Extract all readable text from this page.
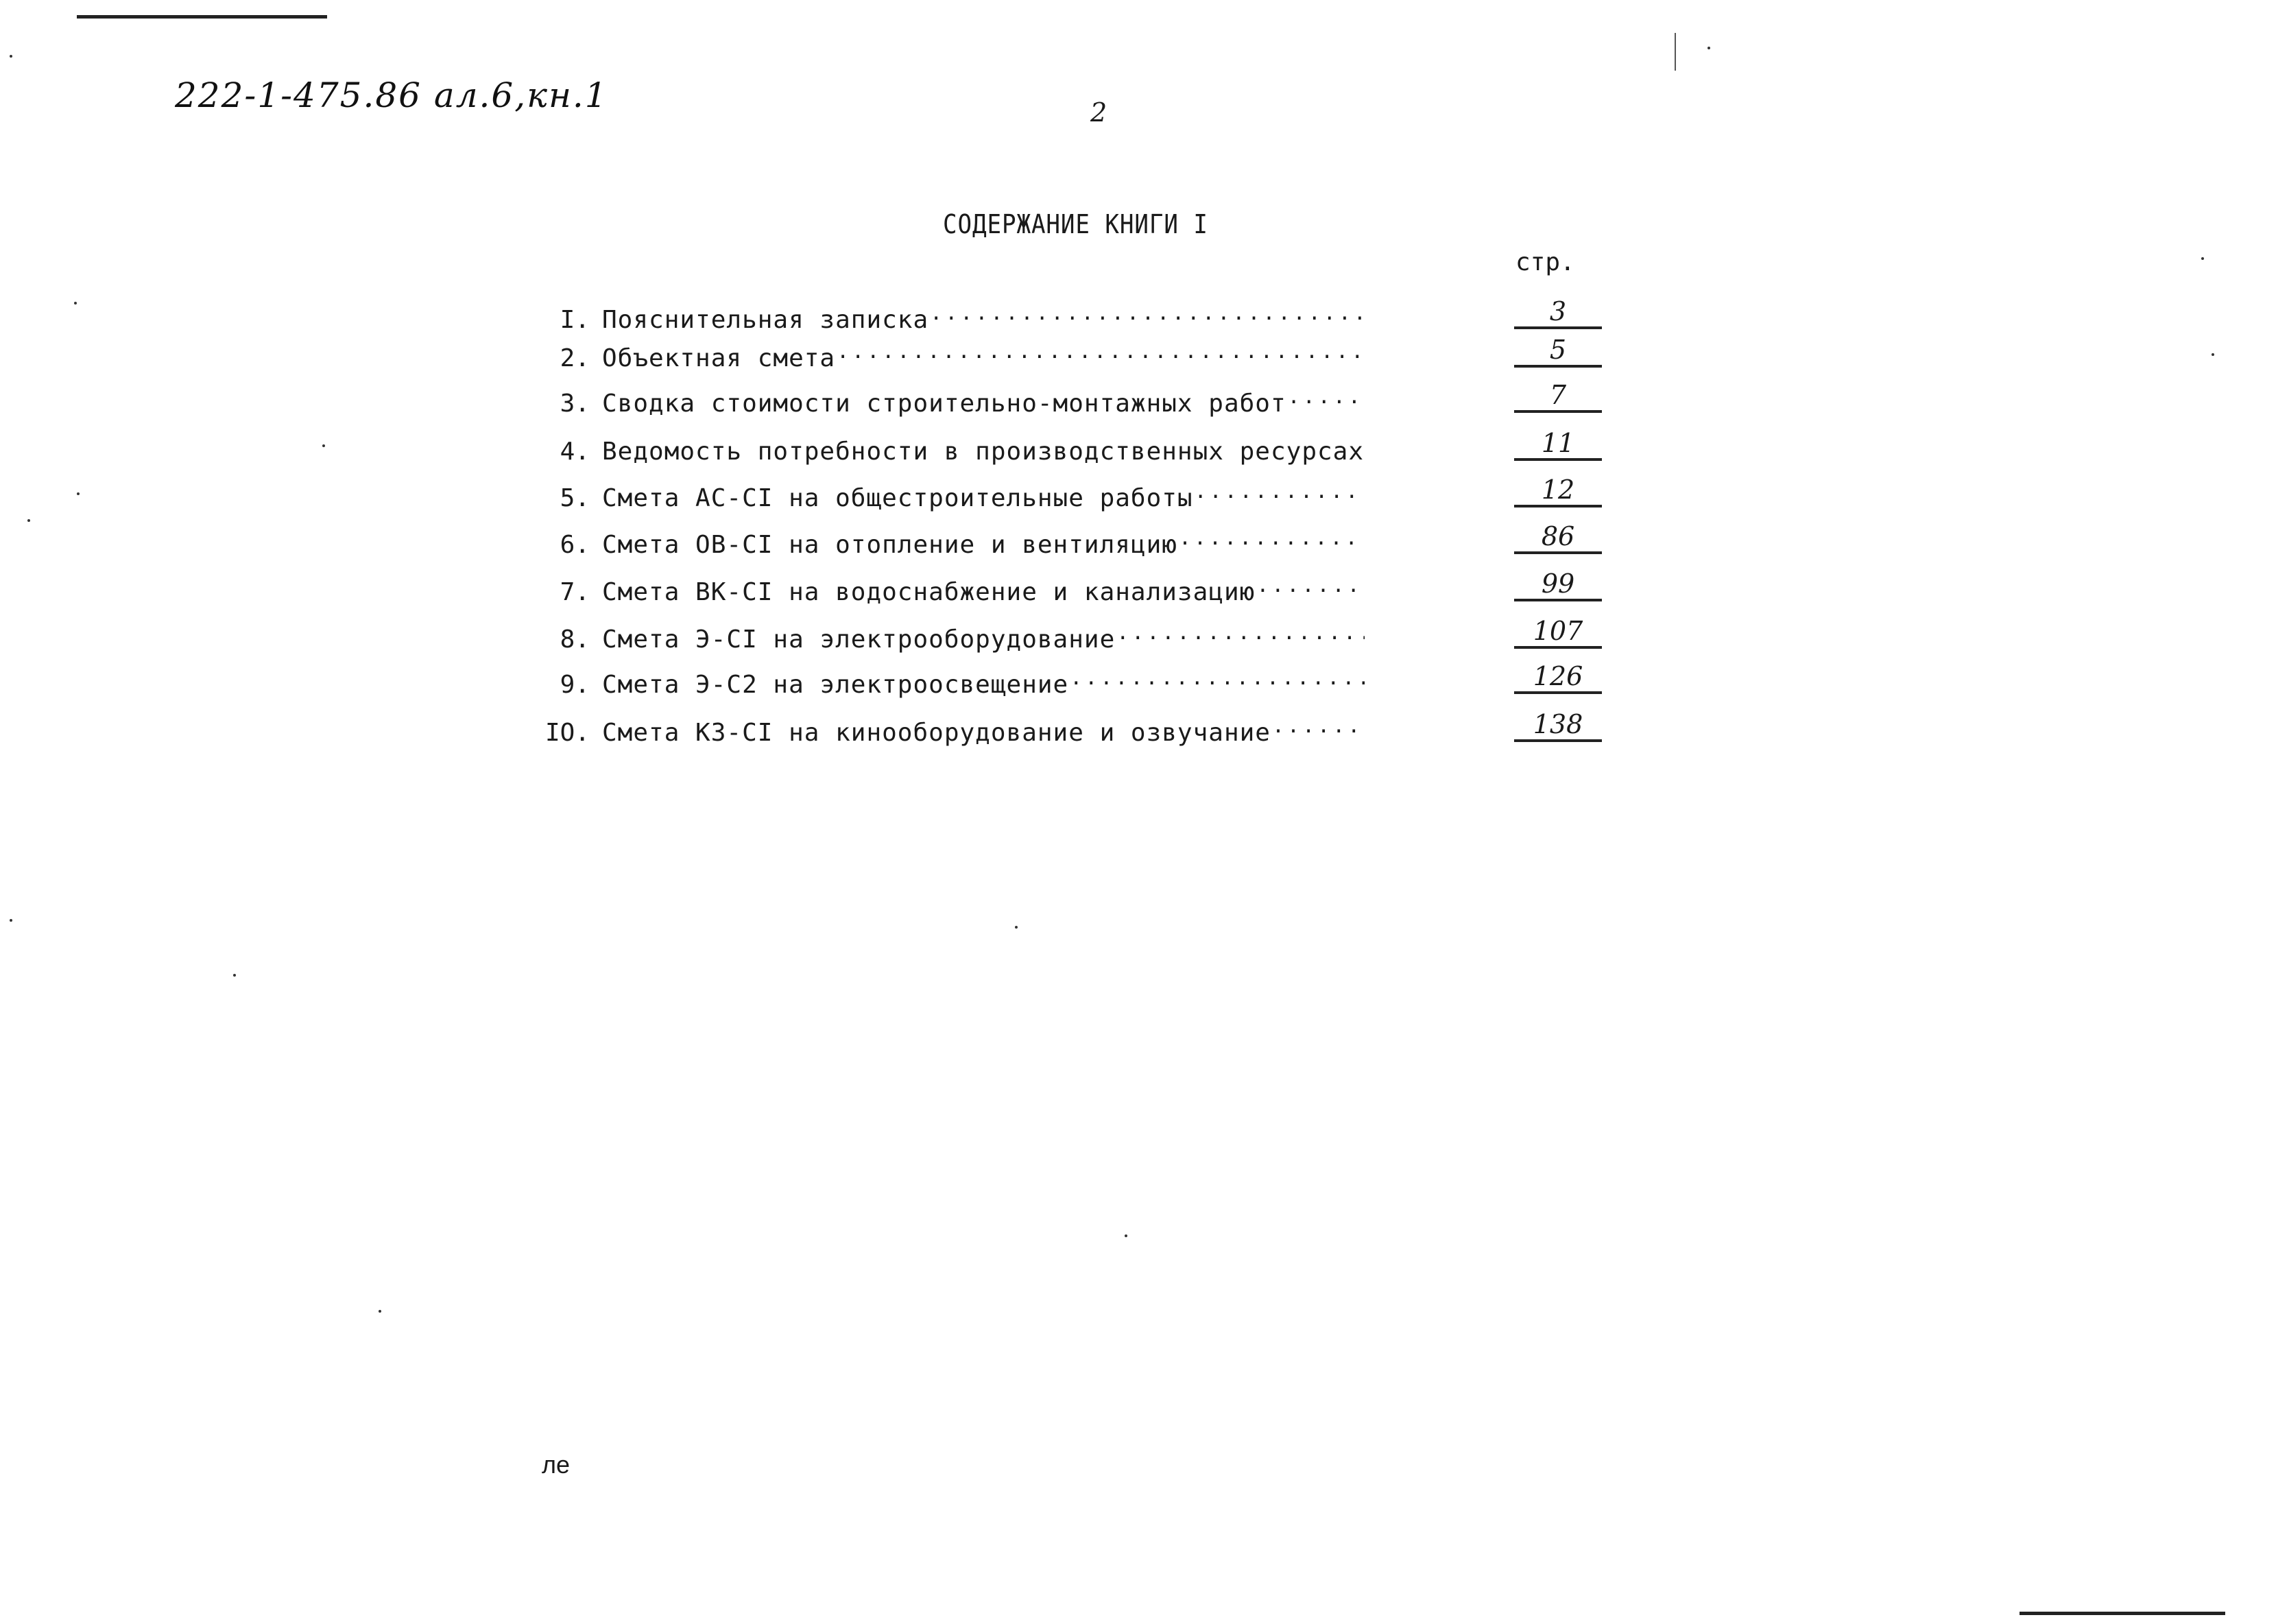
222-1-475.86 ал.6,кн.1	2
СОДЕРЖАНИЕ КНИГИ I
стр.
I. Пояснительная записка .....	3
2. Объектная смета .....	5
3. Сводка стоимости строительно-монтажных работ .....	7
4. Ведомость потребности в производственных ресурсах	11
5. Смета АС-СI на общестроительные работы .....	12
6. Смета ОВ-СI на отопление и вентиляцию .....	86
7. Смета ВК-СI на водоснабжение и канализацию .....	99
8. Смета Э-СI на электрооборудование .....	107
9. Смета Э-С2 на электроосвещение .....	126
IO. Смета КЗ-СI на кинооборудование и озвучание .....	138
ле
